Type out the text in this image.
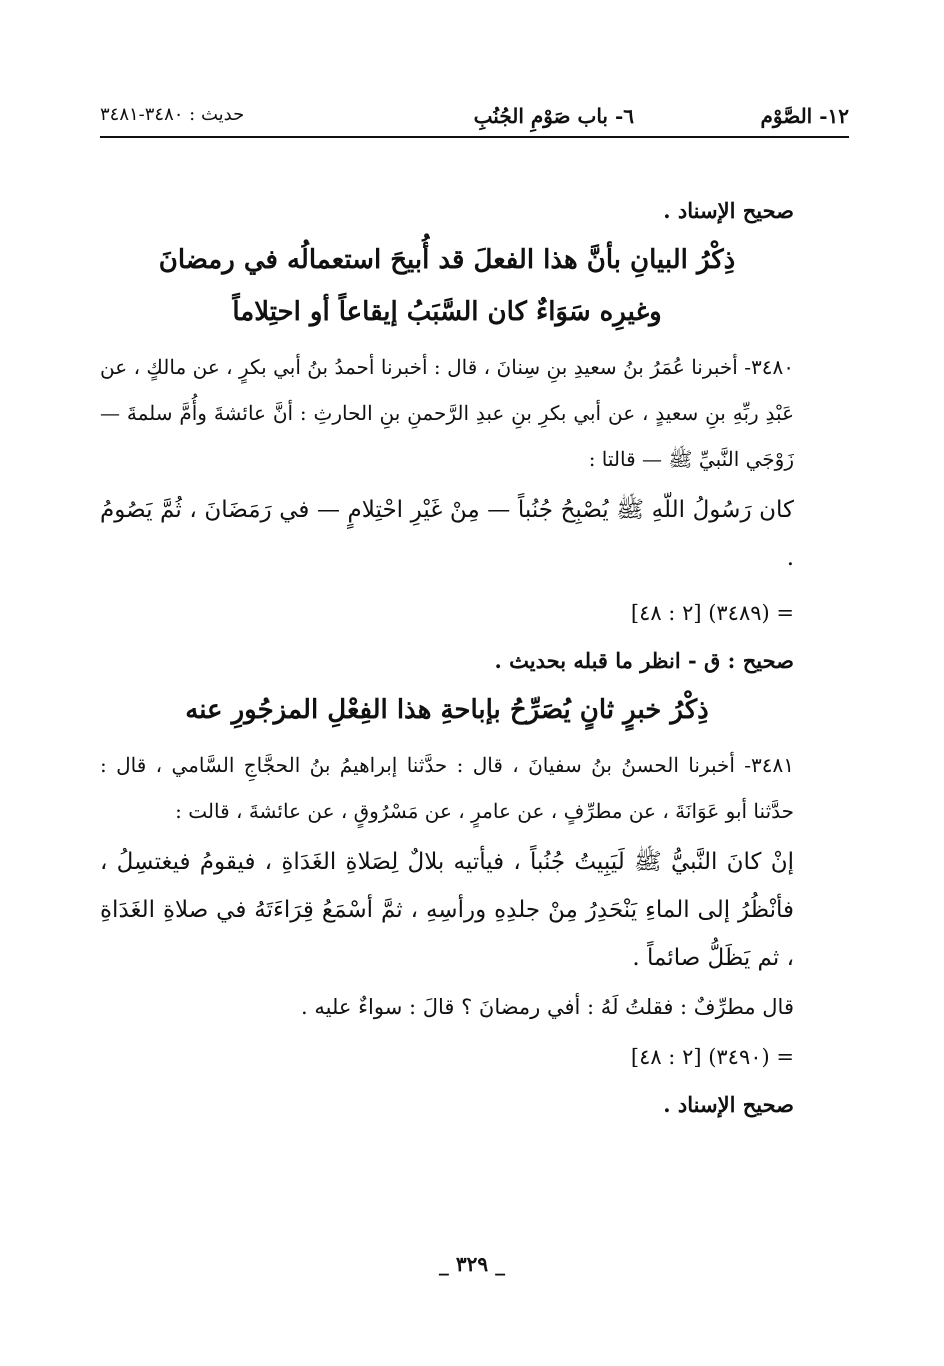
١٢- الصَّوْم
٦- باب صَوْمِ الجُنُبِ
حديث : ٣٤٨٠-٣٤٨١
صحيح الإسناد .
ذِكْرُ البيانِ بأنَّ هذا الفعلَ قد أُبيحَ استعمالُه في رمضانَ
وغيرِه سَوَاءٌ كان السَّبَبُ إيقاعاً أو احتِلاماً

٣٤٨٠- أخبرنا عُمَرُ بنُ سعيدِ بنِ سِنانَ ، قال : أخبرنا أحمدُ بنُ أبي بكرٍ ، عن مالكٍ ، عن عَبْدِ ربِّهِ بنِ سعيدٍ ، عن أبي بكرِ بنِ عبدِ الرَّحمنِ بنِ الحارثِ : أنَّ عائشةَ وأُمَّ سلمةَ — زَوْجَي النَّبيِّ ﷺ — قالتا :

كان رَسُولُ اللّهِ ﷺ يُصْبِحُ جُنُباً — مِنْ غَيْرِ احْتِلامٍ — في رَمَضَانَ ، ثُمَّ يَصُومُ .

= (٣٤٨٩) [٢ : ٤٨]

صحيح : ق - انظر ما قبله بحديث .
ذِكْرُ خبرٍ ثانٍ يُصَرِّحُ بإباحةِ هذا الفِعْلِ المزجُورِ عنه

٣٤٨١- أخبرنا الحسنُ بنُ سفيانَ ، قال : حدَّثنا إبراهيمُ بنُ الحجَّاجِ السَّامي ، قال : حدَّثنا أبو عَوَانَةَ ، عن مطرِّفٍ ، عن عامرٍ ، عن مَسْرُوقٍ ، عن عائشةَ ، قالت :

إنْ كانَ النَّبيُّ ﷺ لَيَبِيتُ جُنُباً ، فيأتيه بلالٌ لِصَلاةِ الغَدَاةِ ، فيقومُ فيغتسِلُ ، فأنْظُرُ إلى الماءِ يَنْحَدِرُ مِنْ جلدِهِ ورأسِهِ ، ثمَّ أسْمَعُ قِرَاءَتَهُ في صلاةِ الغَدَاةِ ، ثم يَظَلُّ صائماً .

قال مطرِّفٌ : فقلتُ لَهُ : أفي رمضانَ ؟ قالَ : سواءٌ عليه .

= (٣٤٩٠) [٢ : ٤٨]

صحيح الإسناد .
_ ٣٢٩ _
